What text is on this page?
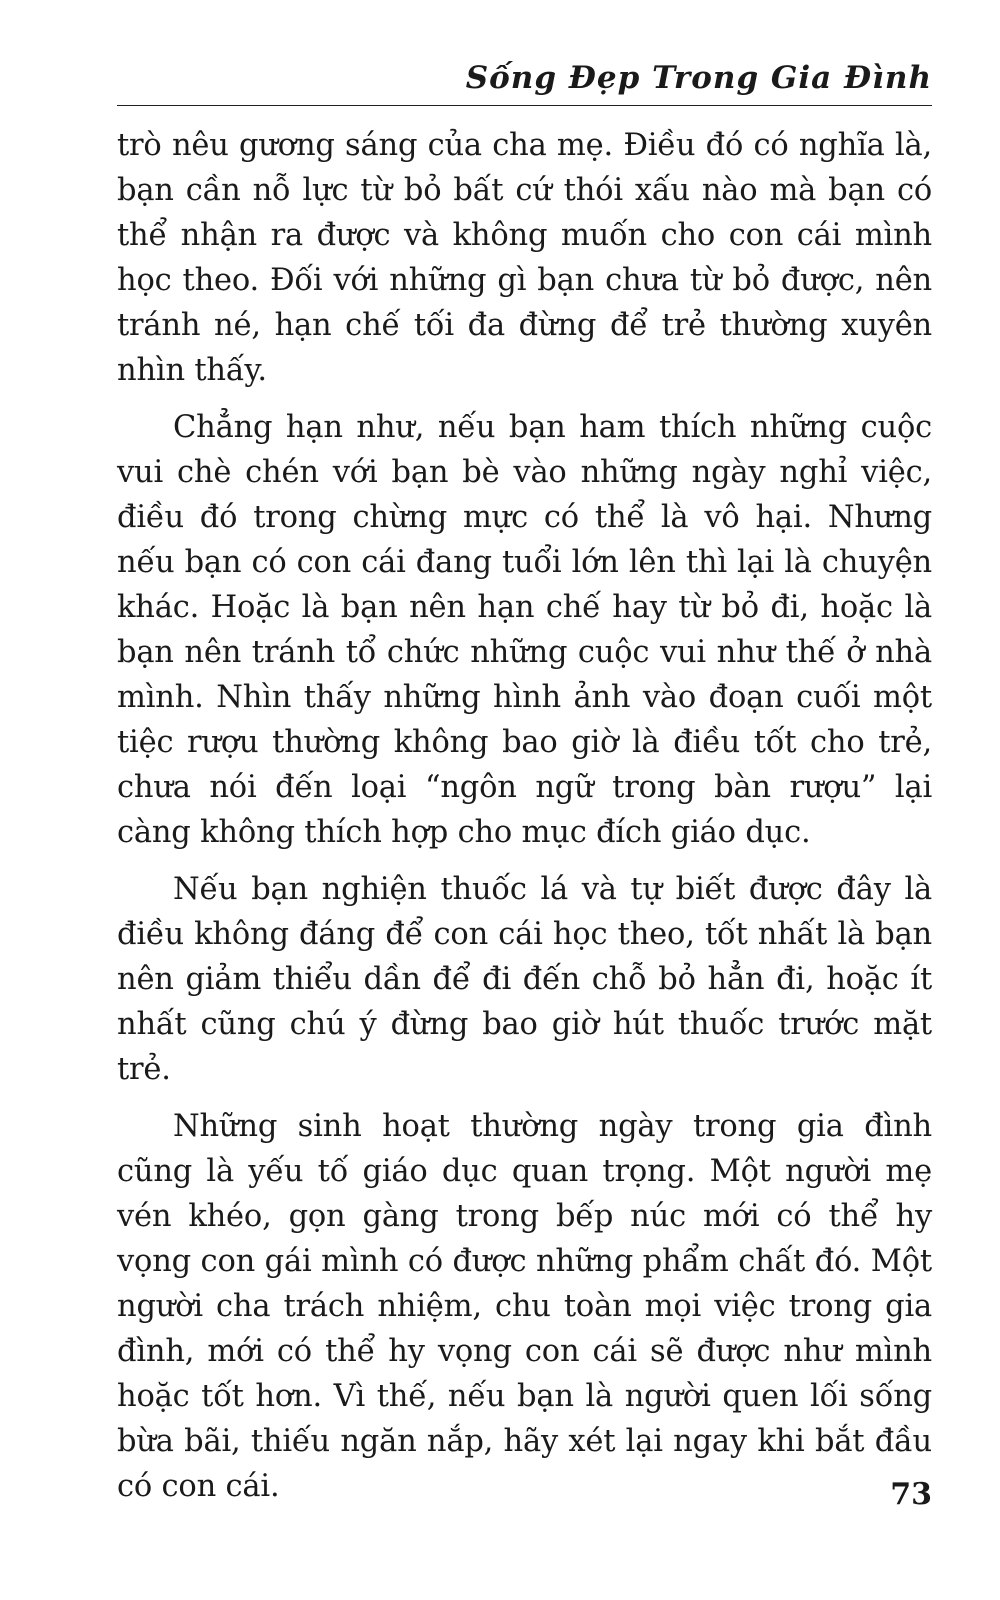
Sống Đẹp Trong Gia Đình

trò nêu gương sáng của cha mẹ. Điều đó có nghĩa là, bạn cần nỗ lực từ bỏ bất cứ thói xấu nào mà bạn có thể nhận ra được và không muốn cho con cái mình học theo. Đối với những gì bạn chưa từ bỏ được, nên tránh né, hạn chế tối đa đừng để trẻ thường xuyên nhìn thấy.

Chẳng hạn như, nếu bạn ham thích những cuộc vui chè chén với bạn bè vào những ngày nghỉ việc, điều đó trong chừng mực có thể là vô hại. Nhưng nếu bạn có con cái đang tuổi lớn lên thì lại là chuyện khác. Hoặc là bạn nên hạn chế hay từ bỏ đi, hoặc là bạn nên tránh tổ chức những cuộc vui như thế ở nhà mình. Nhìn thấy những hình ảnh vào đoạn cuối một tiệc rượu thường không bao giờ là điều tốt cho trẻ, chưa nói đến loại “ngôn ngữ trong bàn rượu” lại càng không thích hợp cho mục đích giáo dục.

Nếu bạn nghiện thuốc lá và tự biết được đây là điều không đáng để con cái học theo, tốt nhất là bạn nên giảm thiểu dần để đi đến chỗ bỏ hẳn đi, hoặc ít nhất cũng chú ý đừng bao giờ hút thuốc trước mặt trẻ.

Những sinh hoạt thường ngày trong gia đình cũng là yếu tố giáo dục quan trọng. Một người mẹ vén khéo, gọn gàng trong bếp núc mới có thể hy vọng con gái mình có được những phẩm chất đó. Một người cha trách nhiệm, chu toàn mọi việc trong gia đình, mới có thể hy vọng con cái sẽ được như mình hoặc tốt hơn. Vì thế, nếu bạn là người quen lối sống bừa bãi, thiếu ngăn nắp, hãy xét lại ngay khi bắt đầu có con cái.	73
